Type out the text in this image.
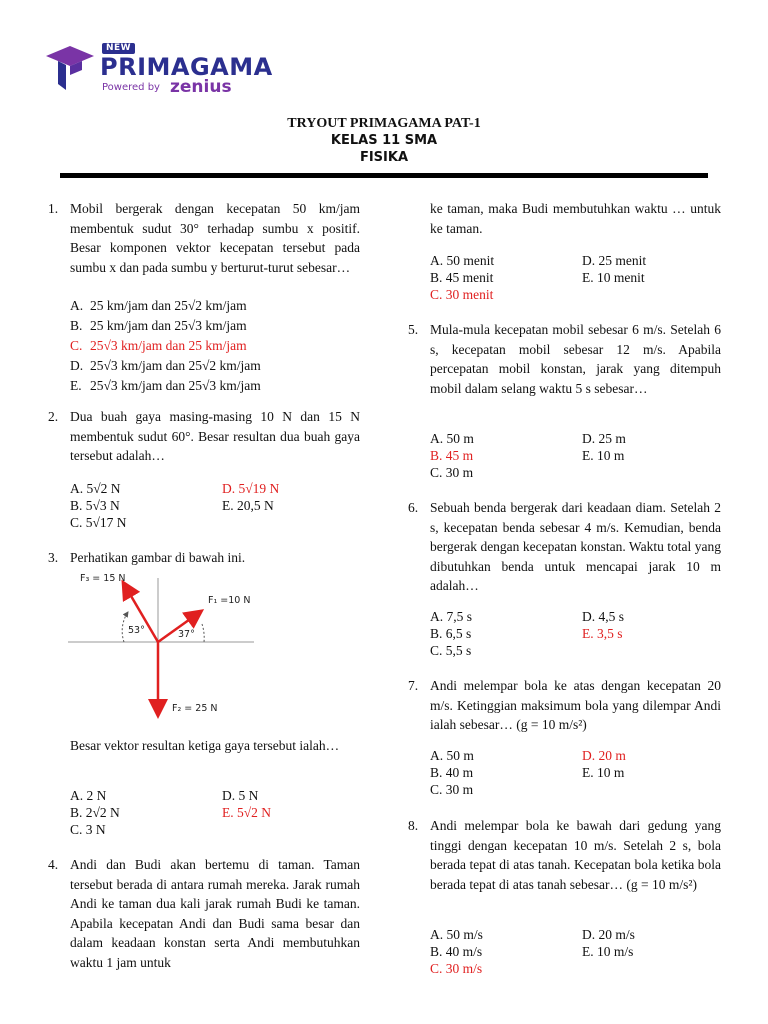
NEW
PRIMAGAMA
Powered by zenius
TRYOUT PRIMAGAMA PAT-1
KELAS 11 SMA
FISIKA
1. Mobil bergerak dengan kecepatan 50 km/jam membentuk sudut 30° terhadap sumbu x positif. Besar komponen vektor kecepatan tersebut pada sumbu x dan pada sumbu y berturut-turut sebesar…
A. 25 km/jam dan 25√2 km/jam
B. 25 km/jam dan 25√3 km/jam
C. 25√3 km/jam dan 25 km/jam
D. 25√3 km/jam dan 25√2 km/jam
E. 25√3 km/jam dan 25√3 km/jam
2. Dua buah gaya masing-masing 10 N dan 15 N membentuk sudut 60°. Besar resultan dua buah gaya tersebut adalah…
A. 5√2 N
B. 5√3 N
C. 5√17 N
D. 5√19 N
E. 20,5 N
3. Perhatikan gambar di bawah ini.
F₃ = 15 N
F₁ =10 N
F₂ = 25 N
53°	37°
Besar vektor resultan ketiga gaya tersebut ialah…
A. 2 N
B. 2√2 N
C. 3 N
D. 5 N
E. 5√2 N
4. Andi dan Budi akan bertemu di taman. Taman tersebut berada di antara rumah mereka. Jarak rumah Andi ke taman dua kali jarak rumah Budi ke taman. Apabila kecepatan Andi dan Budi sama besar dan dalam keadaan konstan serta Andi membutuhkan waktu 1 jam untuk
ke taman, maka Budi membutuhkan waktu … untuk ke taman.
A. 50 menit
B. 45 menit
C. 30 menit
D. 25 menit
E. 10 menit
5. Mula-mula kecepatan mobil sebesar 6 m/s. Setelah 6 s, kecepatan mobil sebesar 12 m/s. Apabila percepatan mobil konstan, jarak yang ditempuh mobil dalam selang waktu 5 s sebesar…
A. 50 m
B. 45 m
C. 30 m
D. 25 m
E. 10 m
6. Sebuah benda bergerak dari keadaan diam. Setelah 2 s, kecepatan benda sebesar 4 m/s. Kemudian, benda bergerak dengan kecepatan konstan. Waktu total yang dibutuhkan benda untuk mencapai jarak 10 m adalah…
A. 7,5 s
B. 6,5 s
C. 5,5 s
D. 4,5 s
E. 3,5 s
7. Andi melempar bola ke atas dengan kecepatan 20 m/s. Ketinggian maksimum bola yang dilempar Andi ialah sebesar… (g = 10 m/s²)
A. 50 m
B. 40 m
C. 30 m
D. 20 m
E. 10 m
8. Andi melempar bola ke bawah dari gedung yang tinggi dengan kecepatan 10 m/s. Setelah 2 s, bola berada tepat di atas tanah. Kecepatan bola ketika bola berada tepat di atas tanah sebesar… (g = 10 m/s²)
A. 50 m/s
B. 40 m/s
C. 30 m/s
D. 20 m/s
E. 10 m/s
